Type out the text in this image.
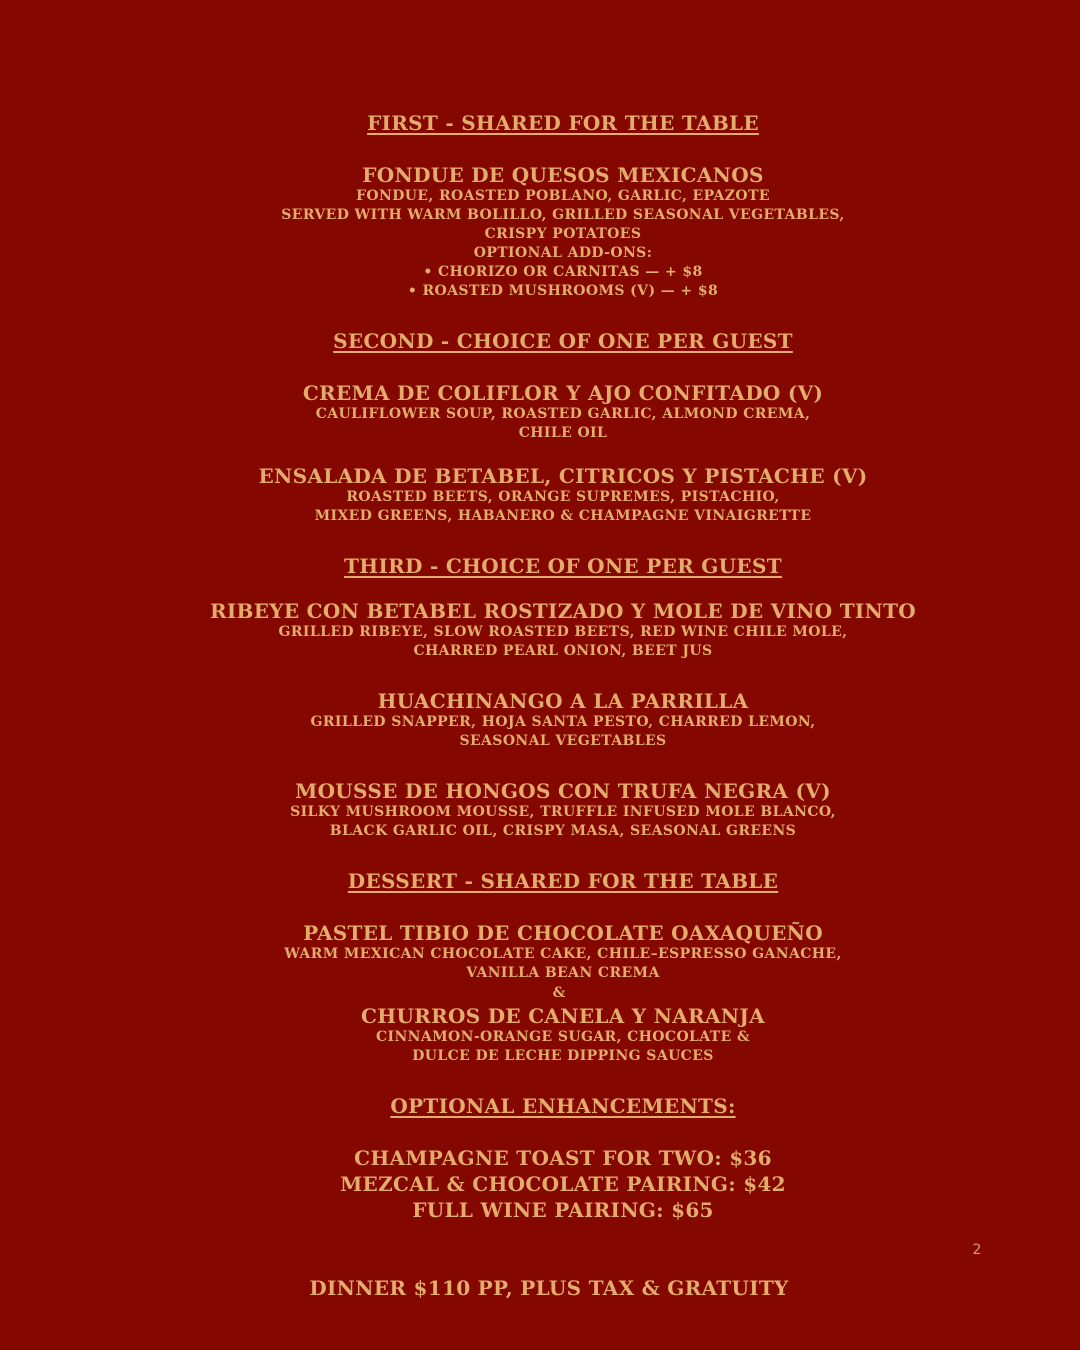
FIRST - SHARED FOR THE TABLE
FONDUE DE QUESOS MEXICANOS
FONDUE, ROASTED POBLANO, GARLIC, EPAZOTE
SERVED WITH WARM BOLILLO, GRILLED SEASONAL VEGETABLES,
CRISPY POTATOES
OPTIONAL ADD-ONS:
• CHORIZO OR CARNITAS — + $8
• ROASTED MUSHROOMS (V) — + $8
SECOND - CHOICE OF ONE PER GUEST
CREMA DE COLIFLOR Y AJO CONFITADO (V)
CAULIFLOWER SOUP, ROASTED GARLIC, ALMOND CREMA,
CHILE OIL
ENSALADA DE BETABEL, CITRICOS Y PISTACHE (V)
ROASTED BEETS, ORANGE SUPREMES, PISTACHIO,
MIXED GREENS, HABANERO & CHAMPAGNE VINAIGRETTE
THIRD - CHOICE OF ONE PER GUEST
RIBEYE CON BETABEL ROSTIZADO Y MOLE DE VINO TINTO
GRILLED RIBEYE, SLOW ROASTED BEETS, RED WINE CHILE MOLE,
CHARRED PEARL ONION, BEET JUS
HUACHINANGO A LA PARRILLA
GRILLED SNAPPER, HOJA SANTA PESTO, CHARRED LEMON,
SEASONAL VEGETABLES
MOUSSE DE HONGOS CON TRUFA NEGRA (V)
SILKY MUSHROOM MOUSSE, TRUFFLE INFUSED MOLE BLANCO,
BLACK GARLIC OIL, CRISPY MASA, SEASONAL GREENS
DESSERT - SHARED FOR THE TABLE
PASTEL TIBIO DE CHOCOLATE OAXAQUEÑO
WARM MEXICAN CHOCOLATE CAKE, CHILE–ESPRESSO GANACHE,
VANILLA BEAN CREMA
&
CHURROS DE CANELA Y NARANJA
CINNAMON-ORANGE SUGAR, CHOCOLATE &
DULCE DE LECHE DIPPING SAUCES
OPTIONAL ENHANCEMENTS:
CHAMPAGNE TOAST FOR TWO: $36
MEZCAL & CHOCOLATE PAIRING: $42
FULL WINE PAIRING: $65
2
DINNER $110 PP, PLUS TAX & GRATUITY
